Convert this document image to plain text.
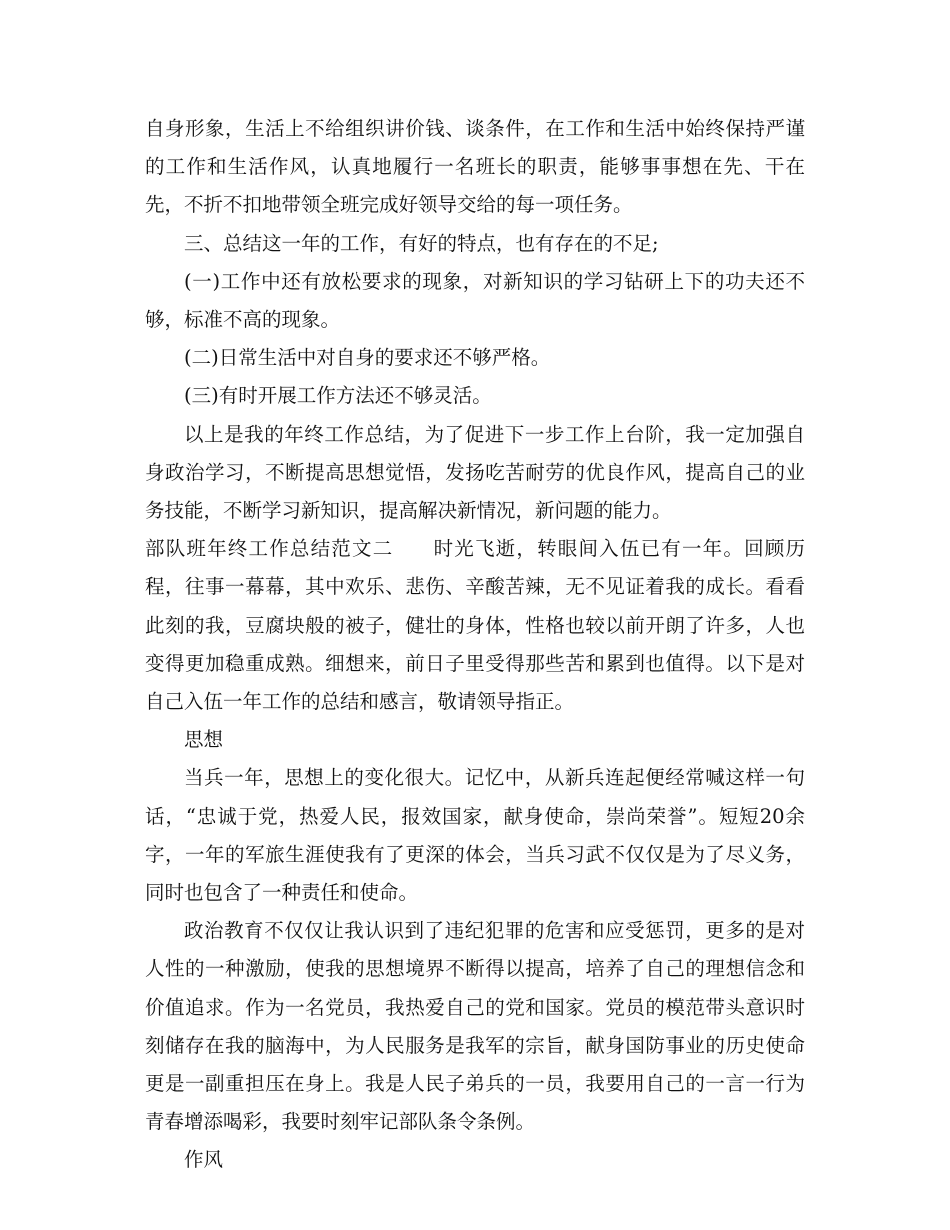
自身形象，生活上不给组织讲价钱、谈条件，在工作和生活中始终保持严谨的工作和生活作风，认真地履行一名班长的职责，能够事事想在先、干在先，不折不扣地带领全班完成好领导交给的每一项任务。

三、总结这一年的工作，有好的特点，也有存在的不足;

(一)工作中还有放松要求的现象，对新知识的学习钻研上下的功夫还不够，标准不高的现象。

(二)日常生活中对自身的要求还不够严格。

(三)有时开展工作方法还不够灵活。

以上是我的年终工作总结，为了促进下一步工作上台阶，我一定加强自身政治学习，不断提高思想觉悟，发扬吃苦耐劳的优良作风，提高自己的业务技能，不断学习新知识，提高解决新情况，新问题的能力。

部队班年终工作总结范文二 时光飞逝，转眼间入伍已有一年。回顾历程，往事一幕幕，其中欢乐、悲伤、辛酸苦辣，无不见证着我的成长。看看此刻的我，豆腐块般的被子，健壮的身体，性格也较以前开朗了许多，人也变得更加稳重成熟。细想来，前日子里受得那些苦和累到也值得。以下是对自己入伍一年工作的总结和感言，敬请领导指正。

思想

当兵一年，思想上的变化很大。记忆中，从新兵连起便经常喊这样一句话，“忠诚于党，热爱人民，报效国家，献身使命，崇尚荣誉”。短短20余字，一年的军旅生涯使我有了更深的体会，当兵习武不仅仅是为了尽义务，同时也包含了一种责任和使命。

政治教育不仅仅让我认识到了违纪犯罪的危害和应受惩罚，更多的是对人性的一种激励，使我的思想境界不断得以提高，培养了自己的理想信念和价值追求。作为一名党员，我热爱自己的党和国家。党员的模范带头意识时刻储存在我的脑海中，为人民服务是我军的宗旨，献身国防事业的历史使命更是一副重担压在身上。我是人民子弟兵的一员，我要用自己的一言一行为青春增添喝彩，我要时刻牢记部队条令条例。

作风
